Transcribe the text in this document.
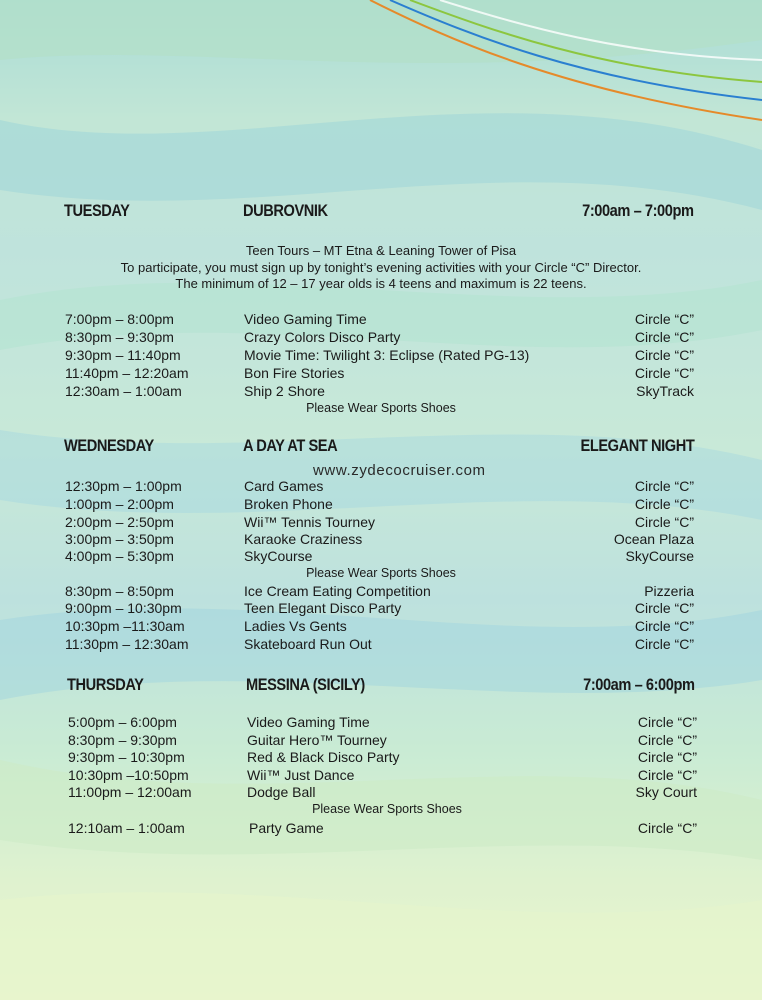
TUESDAY	DUBROVNIK	7:00am – 7:00pm
Teen Tours – MT Etna & Leaning Tower of Pisa
To participate, you must sign up by tonight’s evening activities with your Circle “C” Director.
The minimum of 12 – 17 year olds is 4 teens and maximum is 22 teens.
7:00pm – 8:00pm	Video Gaming Time	Circle “C”
8:30pm – 9:30pm	Crazy Colors Disco Party	Circle “C”
9:30pm – 11:40pm	Movie Time: Twilight 3: Eclipse (Rated PG-13)	Circle “C”
11:40pm – 12:20am	Bon Fire Stories	Circle “C”
12:30am – 1:00am	Ship 2 Shore	SkyTrack
Please Wear Sports Shoes
WEDNESDAY	A DAY AT SEA	ELEGANT NIGHT
www.zydecocruiser.com
12:30pm – 1:00pm	Card Games	Circle “C”
1:00pm – 2:00pm	Broken Phone	Circle “C”
2:00pm – 2:50pm	Wii™ Tennis Tourney	Circle “C”
3:00pm – 3:50pm	Karaoke Craziness	Ocean Plaza
4:00pm – 5:30pm	SkyCourse	SkyCourse
Please Wear Sports Shoes
8:30pm – 8:50pm	Ice Cream Eating Competition	Pizzeria
9:00pm – 10:30pm	Teen Elegant Disco Party	Circle “C”
10:30pm –11:30am	Ladies Vs Gents	Circle “C”
11:30pm – 12:30am	Skateboard Run Out	Circle “C”
THURSDAY	MESSINA (SICILY)	7:00am – 6:00pm
5:00pm – 6:00pm	Video Gaming Time	Circle “C”
8:30pm – 9:30pm	Guitar Hero™ Tourney	Circle “C”
9:30pm – 10:30pm	Red & Black Disco Party	Circle “C”
10:30pm –10:50pm	Wii™ Just Dance	Circle “C”
11:00pm – 12:00am	Dodge Ball	Sky Court
Please Wear Sports Shoes
12:10am – 1:00am	Party Game	Circle “C”
